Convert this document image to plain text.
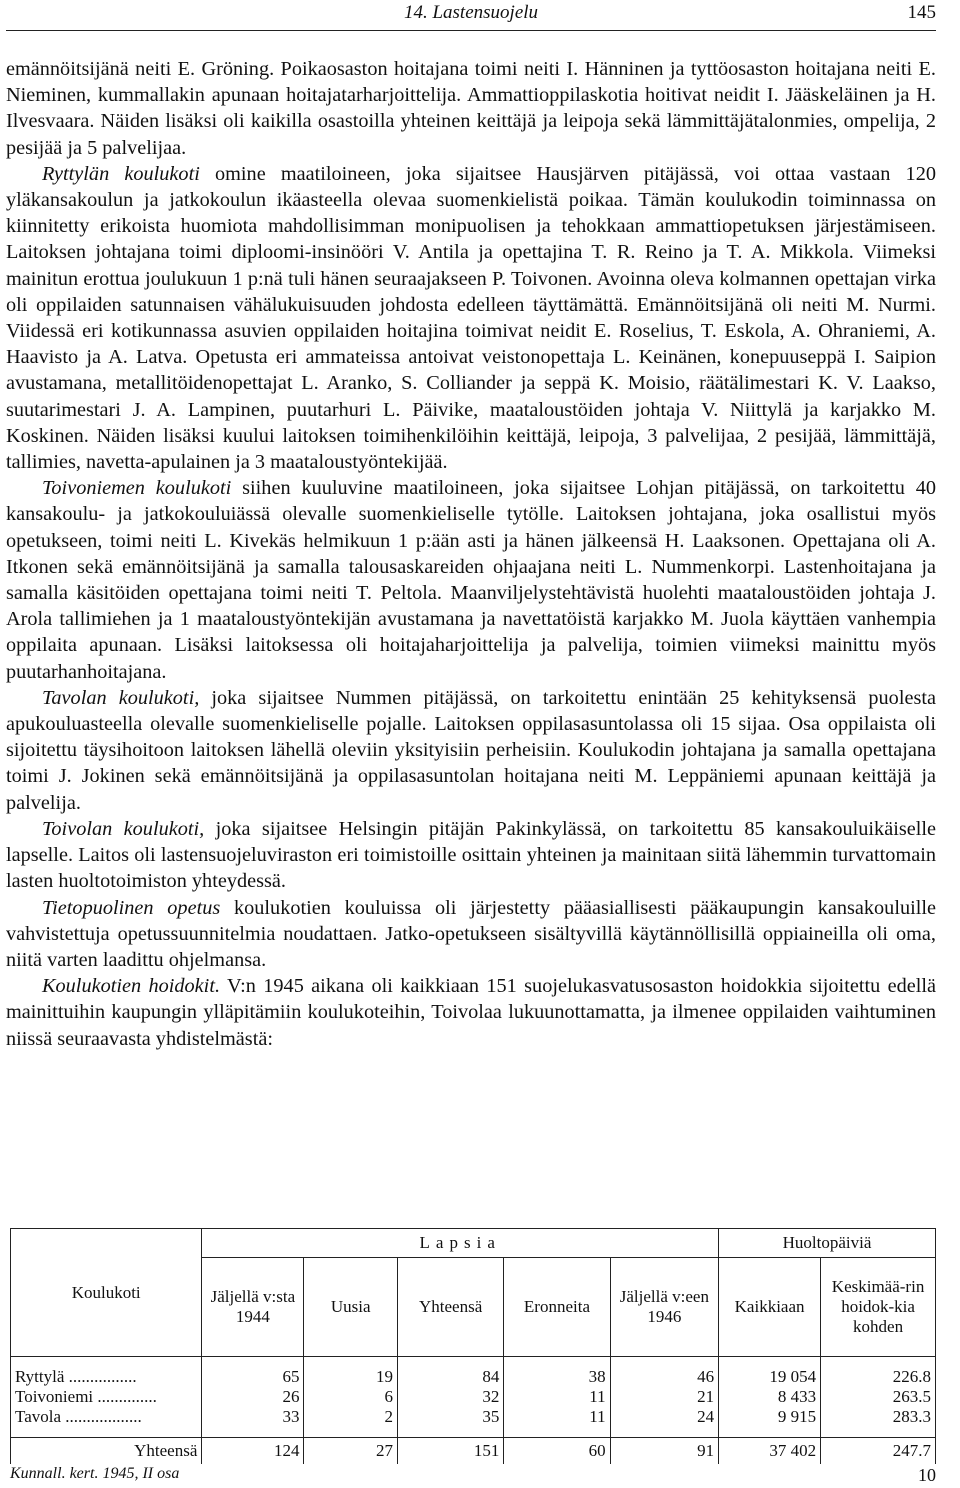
14. Lastensuojelu	145

emännöitsijänä neiti E. Gröning. Poikaosaston hoitajana toimi neiti I. Hänninen ja tyttöosaston hoitajana neiti E. Nieminen, kummallakin apunaan hoitajatarharjoittelija. Ammattioppilaskotia hoitivat neidit I. Jääskeläinen ja H. Ilvesvaara. Näiden lisäksi oli kaikilla osastoilla yhteinen keittäjä ja leipoja sekä lämmittäjätalonmies, ompelija, 2 pesijää ja 5 palvelijaa.

Ryttylän koulukoti omine maatiloineen, joka sijaitsee Hausjärven pitäjässä, voi ottaa vastaan 120 yläkansakoulun ja jatkokoulun ikäasteella olevaa suomenkielistä poikaa. Tämän koulukodin toiminnassa on kiinnitetty erikoista huomiota mahdollisimman monipuolisen ja tehokkaan ammattiopetuksen järjestämiseen. Laitoksen johtajana toimi diploomi-insinööri V. Antila ja opettajina T. R. Reino ja T. A. Mikkola. Viimeksi mainitun erottua joulukuun 1 p:nä tuli hänen seuraajakseen P. Toivonen. Avoinna oleva kolmannen opettajan virka oli oppilaiden satunnaisen vähälukuisuuden johdosta edelleen täyttämättä. Emännöitsijänä oli neiti M. Nurmi. Viidessä eri kotikunnassa asuvien oppilaiden hoitajina toimivat neidit E. Roselius, T. Eskola, A. Ohraniemi, A. Haavisto ja A. Latva. Opetusta eri ammateissa antoivat veistonopettaja L. Keinänen, konepuuseppä I. Saipion avustamana, metallitöidenopettajat L. Aranko, S. Colliander ja seppä K. Moisio, räätälimestari K. V. Laakso, suutarimestari J. A. Lampinen, puutarhuri L. Päivike, maataloustöiden johtaja V. Niittylä ja karjakko M. Koskinen. Näiden lisäksi kuului laitoksen toimihenkilöihin keittäjä, leipoja, 3 palvelijaa, 2 pesijää, lämmittäjä, tallimies, navetta-apulainen ja 3 maataloustyöntekijää.

Toivoniemen koulukoti siihen kuuluvine maatiloineen, joka sijaitsee Lohjan pitäjässä, on tarkoitettu 40 kansakoulu- ja jatkokouluiässä olevalle suomenkieliselle tytölle. Laitoksen johtajana, joka osallistui myös opetukseen, toimi neiti L. Kivekäs helmikuun 1 p:ään asti ja hänen jälkeensä H. Laaksonen. Opettajana oli A. Itkonen sekä emännöitsijänä ja samalla talousaskareiden ohjaajana neiti L. Nummenkorpi. Lastenhoitajana ja samalla käsitöiden opettajana toimi neiti T. Peltola. Maanviljelystehtävistä huolehti maataloustöiden johtaja J. Arola tallimiehen ja 1 maataloustyöntekijän avustamana ja navettatöistä karjakko M. Juola käyttäen vanhempia oppilaita apunaan. Lisäksi laitoksessa oli hoitajaharjoittelija ja palvelija, toimien viimeksi mainittu myös puutarhanhoitajana.

Tavolan koulukoti, joka sijaitsee Nummen pitäjässä, on tarkoitettu enintään 25 kehityksensä puolesta apukouluasteella olevalle suomenkieliselle pojalle. Laitoksen oppilasasuntolassa oli 15 sijaa. Osa oppilaista oli sijoitettu täysihoitoon laitoksen lähellä oleviin yksityisiin perheisiin. Koulukodin johtajana ja samalla opettajana toimi J. Jokinen sekä emännöitsijänä ja oppilasasuntolan hoitajana neiti M. Leppäniemi apunaan keittäjä ja palvelija.

Toivolan koulukoti, joka sijaitsee Helsingin pitäjän Pakinkylässä, on tarkoitettu 85 kansakouluikäiselle lapselle. Laitos oli lastensuojeluviraston eri toimistoille osittain yhteinen ja mainitaan siitä lähemmin turvattomain lasten huoltotoimiston yhteydessä.

Tietopuolinen opetus koulukotien kouluissa oli järjestetty pääasiallisesti pääkaupungin kansakouluille vahvistettuja opetussuunnitelmia noudattaen. Jatko-opetukseen sisältyvillä käytännöllisillä oppiaineilla oli oma, niitä varten laadittu ohjelmansa.

Koulukotien hoidokit. V:n 1945 aikana oli kaikkiaan 151 suojelukasvatusosaston hoidokkia sijoitettu edellä mainittuihin kaupungin ylläpitämiin koulukoteihin, Toivolaa lukuunottamatta, ja ilmenee oppilaiden vaihtuminen niissä seuraavasta yhdistelmästä:

Koulukoti	Lapsia					Huoltopäiviä	
	Jäljellä v:sta 1944	Uusia	Yhteensä	Eronneita	Jäljellä v:een 1946	Kaikkiaan	Keskimää-rin hoidok-kia kohden

Ryttylä ................	65	19	84	38	46	19 054	226.8
Toivoniemi ..............	26	6	32	11	21	8 433	263.5
Tavola ..................	33	2	35	11	24	9 915	283.3

Yhteensä	124	27	151	60	91	37 402	247.7
Kunnall. kert. 1945, II osa	10
